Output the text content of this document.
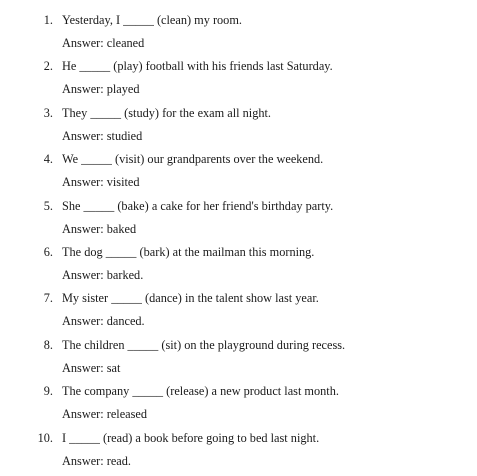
1. Yesterday, I _____ (clean) my room.
Answer: cleaned
2. He _____ (play) football with his friends last Saturday.
Answer: played
3. They _____ (study) for the exam all night.
Answer: studied
4. We _____ (visit) our grandparents over the weekend.
Answer: visited
5. She _____ (bake) a cake for her friend's birthday party.
Answer: baked
6. The dog _____ (bark) at the mailman this morning.
Answer: barked.
7. My sister _____ (dance) in the talent show last year.
Answer: danced.
8. The children _____ (sit) on the playground during recess.
Answer: sat
9. The company _____ (release) a new product last month.
Answer: released
10. I _____ (read) a book before going to bed last night.
Answer: read.
